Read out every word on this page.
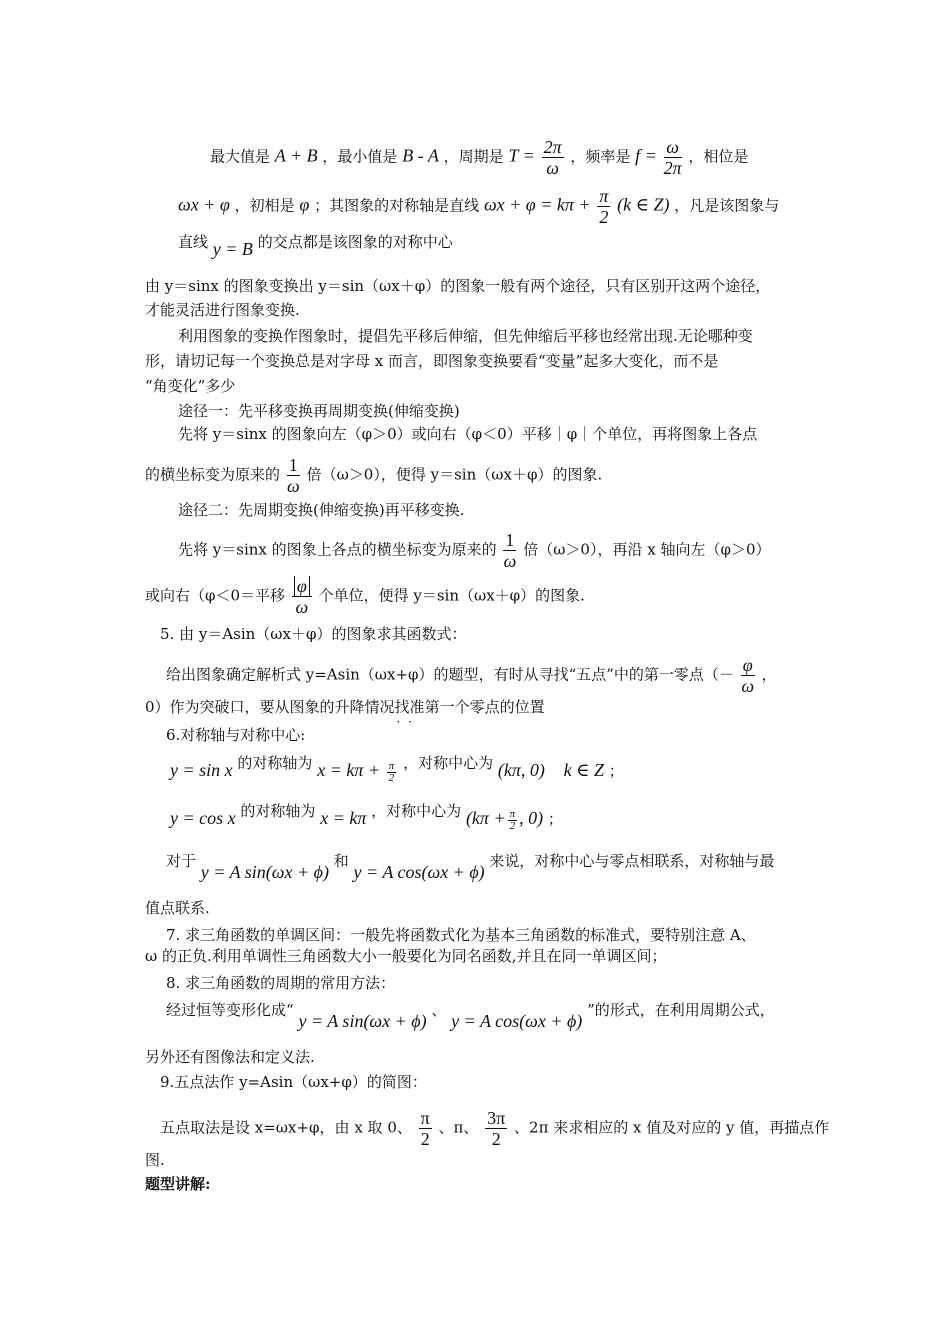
最大值是 A + B ，最小值是 B - A ，周期是 $T = \frac{2\pi}{\omega}$ ，频率是 $f = \frac{\omega}{2\pi}$ ，相位是
ωx + φ ，初相是 φ ；其图象的对称轴是直线 $\omega x + \varphi = k\pi + \frac{\pi}{2} (k$ ∈ Z) ，凡是该图象与
直线 y = B 的交点都是该图象的对称中心
由 y＝sinx 的图象变换出 y＝sin（ωx＋φ）的图象一般有两个途径，只有区别开这两个途径，
才能灵活进行图象变换.
利用图象的变换作图象时，提倡先平移后伸缩，但先伸缩后平移也经常出现.无论哪种变
形，请切记每一个变换总是对字母 x 而言，即图象变换要看“变量”起多大变化，而不是
“角变化”多少
途径一：先平移变换再周期变换(伸缩变换)
先将 y＝sinx 的图象向左（φ＞0）或向右（φ＜0）平移｜φ｜个单位，再将图象上各点
的横坐标变为原来的 $\frac{1}{\omega}$ 倍（ω＞0），便得 y＝sin（ωx＋φ）的图象.
途径二：先周期变换(伸缩变换)再平移变换.
先将 y＝sinx 的图象上各点的横坐标变为原来的 $\frac{1}{\omega}$ 倍（ω＞0），再沿 x 轴向左（φ＞0）
或向右（φ＜0＝平移 $\frac{\varphi}{\omega}$ 个单位，便得 y＝sin（ωx＋φ）的图象.
5. 由 y＝Asin（ωx＋φ）的图象求其函数式：
给出图象确定解析式 y=Asin（ωx+φ）的题型，有时从寻找“五点”中的第一零点（－ $\frac{\varphi}{\omega}$ ，
0）作为突破口，要从图象的升降情况找准 · ·第一个零点的位置
6.对称轴与对称中心:
y = sin x 的对称轴为 $x = k\pi + \frac{\pi}{2}$ ，对称中心为 (kπ, 0) k ∈ Z ；
y = cos x 的对称轴为 x = kπ ，对称中心为 ($k\pi + \frac{\pi}{2}$ , 0) ；
对于 y = A sin(ωx + ϕ) 和 y = A cos(ωx + ϕ) 来说，对称中心与零点相联系，对称轴与最
值点联系.
7. 求三角函数的单调区间：一般先将函数式化为基本三角函数的标准式，要特别注意 A、
ω 的正负.利用单调性三角函数大小一般要化为同名函数,并且在同一单调区间；
8. 求三角函数的周期的常用方法：
经过恒等变形化成“ y = A sin(ωx + ϕ) 、 y = A cos(ωx + ϕ) ”的形式，在利用周期公式，
另外还有图像法和定义法.
9.五点法作 y=Asin（ωx+φ）的简图：
五点取法是设 x=ωx+φ，由 x 取 0、 $\frac{\pi}{2}$ 、π、 $\frac{3\pi}{2}$ 、2π 来求相应的 x 值及对应的 y 值，再描点作
图.
题型讲解:
